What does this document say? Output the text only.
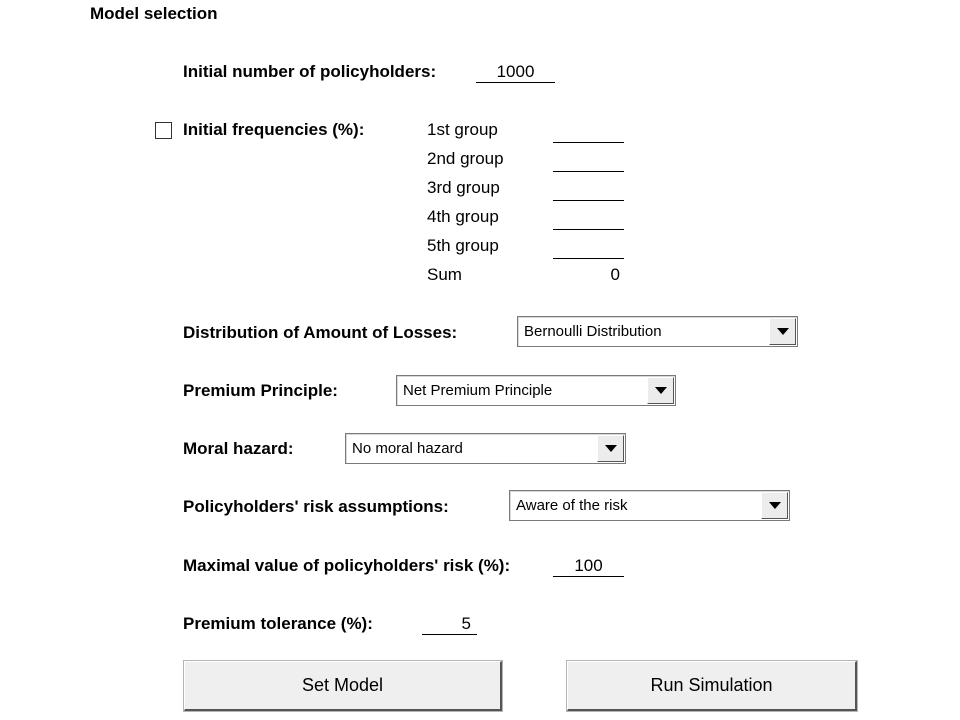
Model selection
Initial number of policyholders:
1000
Initial frequencies (%):	1st group
2nd group
3rd group
4th group
5th group
Sum	0
Distribution of Amount of Losses:	Bernoulli Distribution
Premium Principle:	Net Premium Principle
Moral hazard:	No moral hazard
Policyholders' risk assumptions:	Aware of the risk
Maximal value of policyholders' risk (%):
100
Premium tolerance (%):
5
Set Model	Run Simulation
